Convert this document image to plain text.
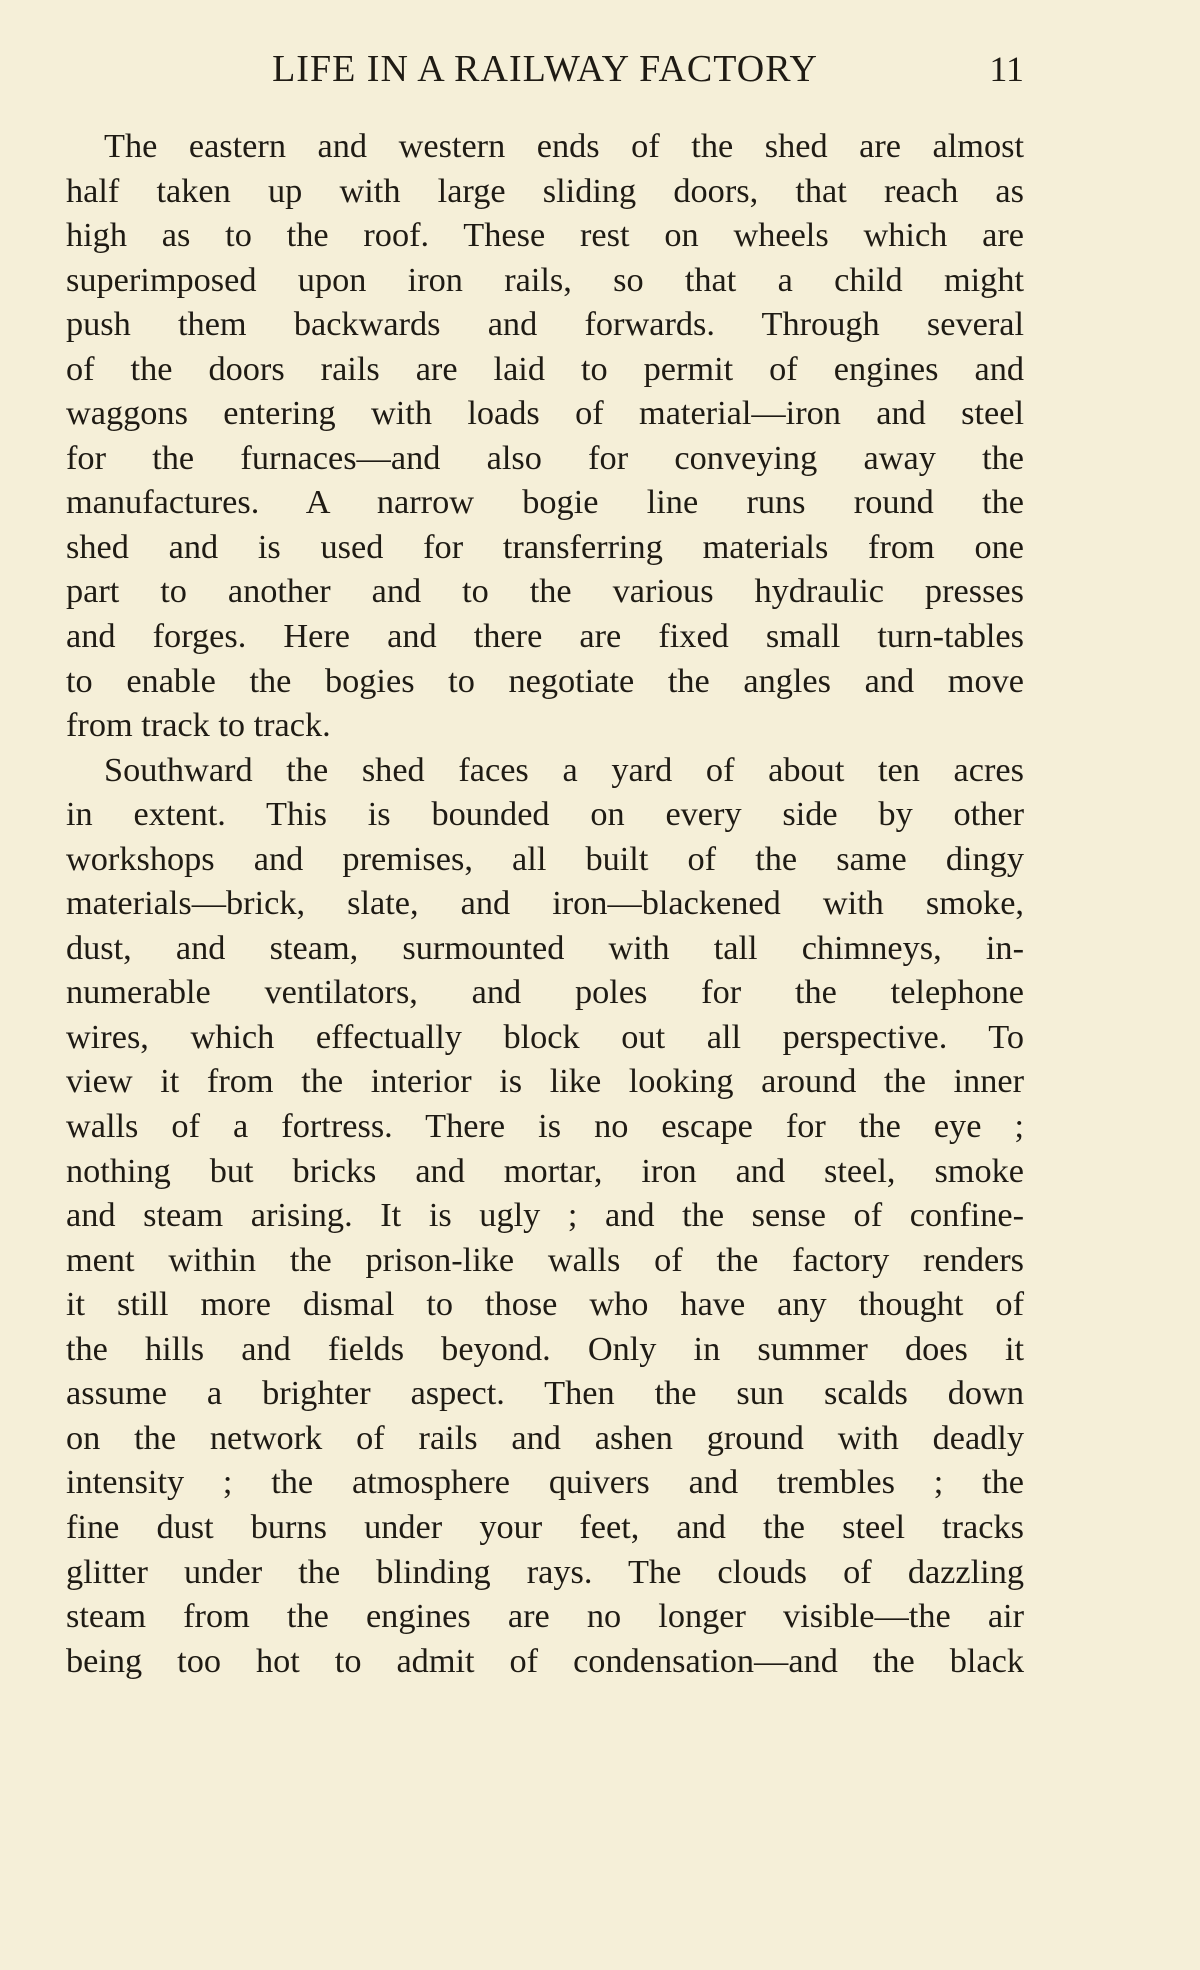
LIFE IN A RAILWAY FACTORY	11
The eastern and western ends of the shed are almost
half taken up with large sliding doors, that reach as
high as to the roof. These rest on wheels which are
superimposed upon iron rails, so that a child might
push them backwards and forwards. Through several
of the doors rails are laid to permit of engines and
waggons entering with loads of material—iron and steel
for the furnaces—and also for conveying away the
manufactures. A narrow bogie line runs round the
shed and is used for transferring materials from one
part to another and to the various hydraulic presses
and forges. Here and there are fixed small turn-tables
to enable the bogies to negotiate the angles and move
from track to track.
Southward the shed faces a yard of about ten acres
in extent. This is bounded on every side by other
workshops and premises, all built of the same dingy
materials—brick, slate, and iron—blackened with smoke,
dust, and steam, surmounted with tall chimneys, in-
numerable ventilators, and poles for the telephone
wires, which effectually block out all perspective. To
view it from the interior is like looking around the inner
walls of a fortress. There is no escape for the eye ;
nothing but bricks and mortar, iron and steel, smoke
and steam arising. It is ugly ; and the sense of confine-
ment within the prison-like walls of the factory renders
it still more dismal to those who have any thought of
the hills and fields beyond. Only in summer does it
assume a brighter aspect. Then the sun scalds down
on the network of rails and ashen ground with deadly
intensity ; the atmosphere quivers and trembles ; the
fine dust burns under your feet, and the steel tracks
glitter under the blinding rays. The clouds of dazzling
steam from the engines are no longer visible—the air
being too hot to admit of condensation—and the black
